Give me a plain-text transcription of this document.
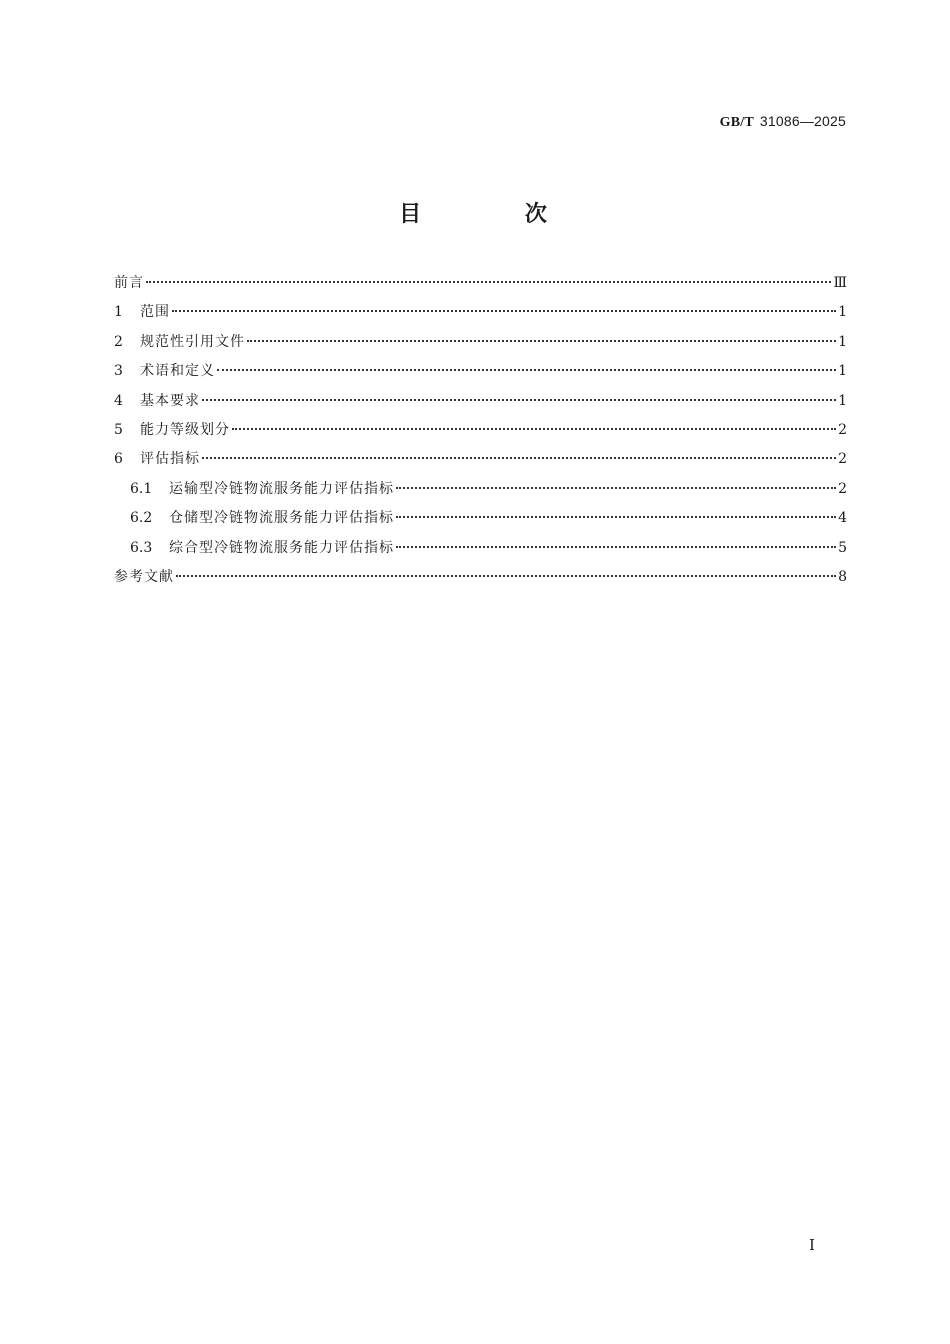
GB/T 31086—2025
目 次
前言	Ⅲ
1	范围	1
2	规范性引用文件	1
3	术语和定义	1
4	基本要求	1
5	能力等级划分	2
6	评估指标	2
6.1	运输型冷链物流服务能力评估指标	2
6.2	仓储型冷链物流服务能力评估指标	4
6.3	综合型冷链物流服务能力评估指标	5
参考文献	8
Ⅰ
